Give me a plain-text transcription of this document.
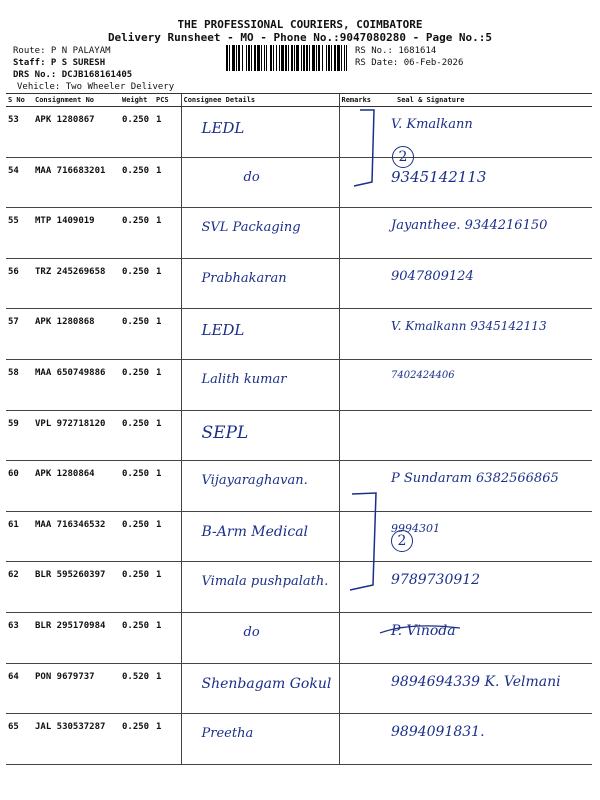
THE PROFESSIONAL COURIERS, COIMBATORE
Delivery Runsheet - MO - Phone No.:9047080280 - Page No.:5
Route: P N PALAYAM
Staff: P S SURESH
DRS No.: DCJB168161405
Vehicle: Two Wheeler Delivery
RS No.: 1681614
RS Date: 06-Feb-2026
S No	Consignment No	Weight	PCS	Consignee Details	Remarks	Seal & Signature
53	APK 1280867	0.250	1	LEDL		V. Kmalkann
54	MAA 716683201	0.250	1	do		9345142113
55	MTP 1409019	0.250	1	SVL Packaging		Jayanthee. 9344216150
56	TRZ 245269658	0.250	1	Prabhakaran		9047809124
57	APK 1280868	0.250	1	LEDL		V. Kmalkann 9345142113
58	MAA 650749886	0.250	1	Lalith kumar		7402424406
59	VPL 972718120	0.250	1	SEPL		
60	APK 1280864	0.250	1	Vijayaraghavan.		P Sundaram 6382566865
61	MAA 716346532	0.250	1	B-Arm Medical		9994301
62	BLR 595260397	0.250	1	Vimala pushpalath.		9789730912
63	BLR 295170984	0.250	1	do		P. Vinoda
64	PON 9679737	0.520	1	Shenbagam Gokul		9894694339 K. Velmani
65	JAL 530537287	0.250	1	Preetha		9894091831.
2
2
